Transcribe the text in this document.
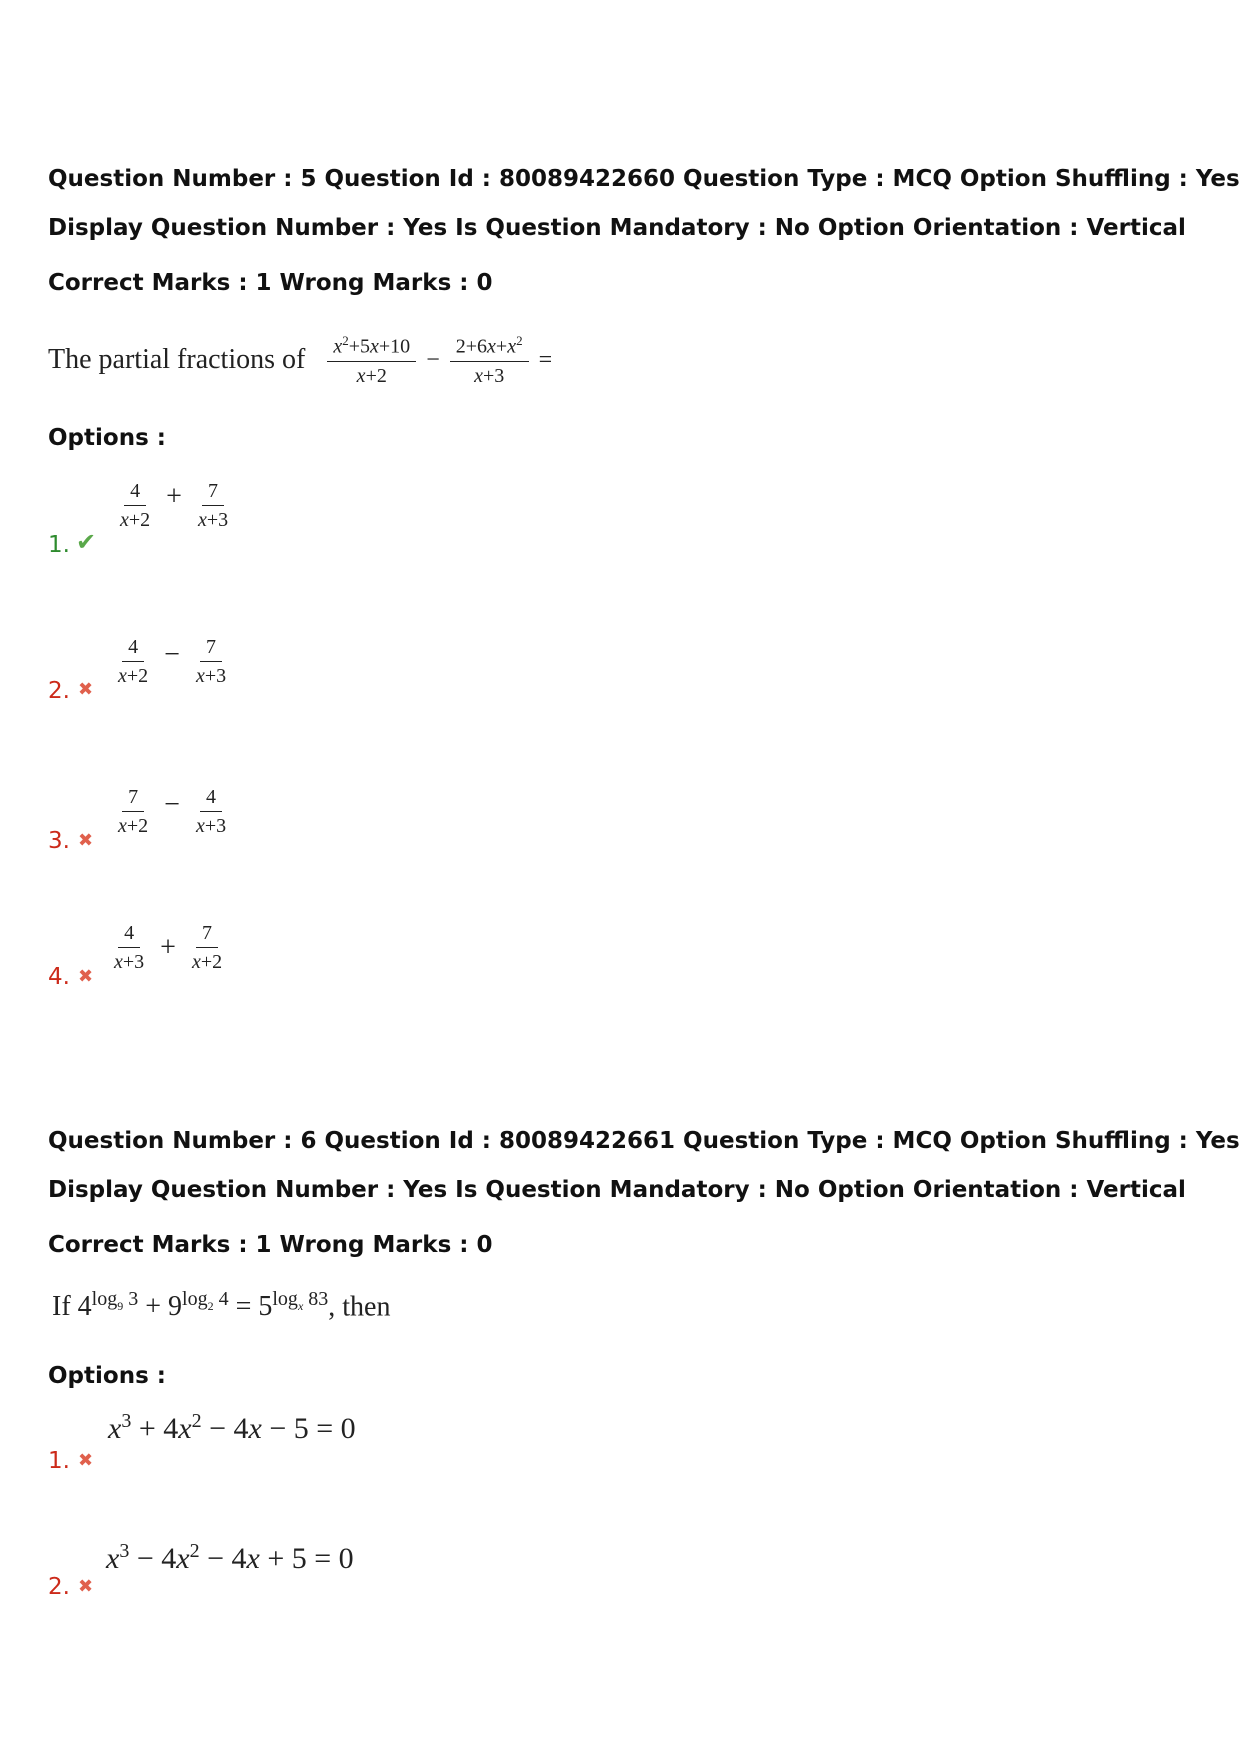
Question Number : 5 Question Id : 80089422660 Question Type : MCQ Option Shuffling : Yes
Display Question Number : Yes Is Question Mandatory : No Option Orientation : Vertical
Correct Marks : 1 Wrong Marks : 0
The partial fractions of $\frac{x^2+5x+10}{x+2} - \frac{2+6x+x^2}{x+3}$ =
Options :
1. ✔
$\frac{4}{x+2} + \frac{7}{x+3}$
2. ✖
$\frac{4}{x+2} - \frac{7}{x+3}$
3. ✖
$\frac{7}{x+2} - \frac{4}{x+3}$
4. ✖
$\frac{4}{x+3} + \frac{7}{x+2}$
Question Number : 6 Question Id : 80089422661 Question Type : MCQ Option Shuffling : Yes
Display Question Number : Yes Is Question Mandatory : No Option Orientation : Vertical
Correct Marks : 1 Wrong Marks : 0
If $4^{log_9 3} + 9^{log_2 4} = 5^{log_x 83}$, then
Options :
1. ✖
$x^3 + 4x^2 - 4x - 5 = 0$
2. ✖
$x^3 - 4x^2 - 4x + 5 = 0$
